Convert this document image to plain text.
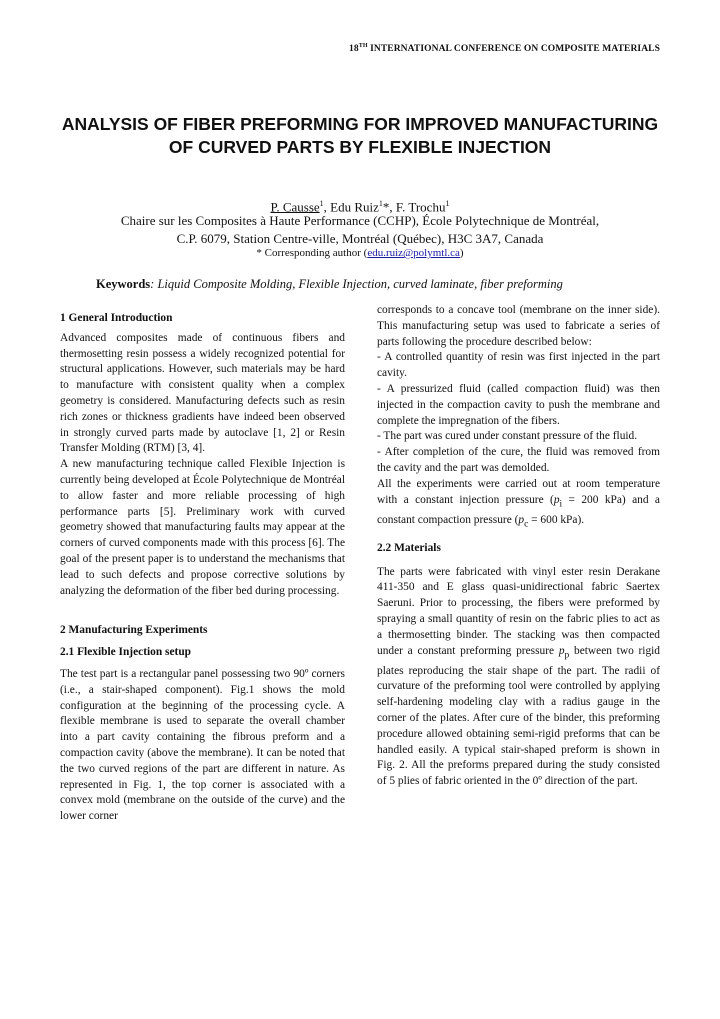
18TH INTERNATIONAL CONFERENCE ON COMPOSITE MATERIALS
ANALYSIS OF FIBER PREFORMING FOR IMPROVED MANUFACTURING OF CURVED PARTS BY FLEXIBLE INJECTION
P. Causse$^1$, Edu Ruiz$^1$*, F. Trochu$^1$
Chaire sur les Composites à Haute Performance (CCHP), École Polytechnique de Montréal,
C.P. 6079, Station Centre-ville, Montréal (Québec), H3C 3A7, Canada
* Corresponding author (edu.ruiz@polymtl.ca)
Keywords: Liquid Composite Molding, Flexible Injection, curved laminate, fiber preforming

1 General Introduction

Advanced composites made of continuous fibers and thermosetting resin possess a widely recognized potential for structural applications. However, such materials may be hard to manufacture with consistent quality when a complex geometry is considered. Manufacturing defects such as resin rich zones or thickness gradients have indeed been observed in strongly curved parts made by autoclave [1, 2] or Resin Transfer Molding (RTM) [3, 4].

A new manufacturing technique called Flexible Injection is currently being developed at École Polytechnique de Montréal to allow faster and more reliable processing of high performance parts [5]. Preliminary work with curved geometry showed that manufacturing faults may appear at the corners of curved components made with this process [6]. The goal of the present paper is to understand the mechanisms that lead to such defects and propose corrective solutions by analyzing the deformation of the fiber bed during processing.

2 Manufacturing Experiments

2.1 Flexible Injection setup

The test part is a rectangular panel possessing two 90º corners (i.e., a stair-shaped component). Fig.1 shows the mold configuration at the beginning of the processing cycle. A flexible membrane is used to separate the overall chamber into a part cavity containing the fibrous preform and a compaction cavity (above the membrane). It can be noted that the two curved regions of the part are different in nature. As represented in Fig. 1, the top corner is associated with a convex mold (membrane on the outside of the curve) and the lower corner

corresponds to a concave tool (membrane on the inner side). This manufacturing setup was used to fabricate a series of parts following the procedure described below:

- A controlled quantity of resin was first injected in the part cavity.

- A pressurized fluid (called compaction fluid) was then injected in the compaction cavity to push the membrane and complete the impregnation of the fibers.

- The part was cured under constant pressure of the fluid.

- After completion of the cure, the fluid was removed from the cavity and the part was demolded.

All the experiments were carried out at room temperature with a constant injection pressure ($p_i = 200$ kPa) and a constant compaction pressure ($p_c = 600$ kPa).

2.2 Materials

The parts were fabricated with vinyl ester resin Derakane 411-350 and E glass quasi-unidirectional fabric Saertex Saeruni. Prior to processing, the fibers were preformed by spraying a small quantity of resin on the fabric plies to act as a thermosetting binder. The stacking was then compacted under a constant preforming pressure $p_p$ between two rigid plates reproducing the stair shape of the part. The radii of curvature of the preforming tool were controlled by applying self-hardening modeling clay with a radius gauge in the corner of the plates. After cure of the binder, this preforming procedure allowed obtaining semi-rigid preforms that can be handled easily. A typical stair-shaped preform is shown in Fig. 2. All the preforms prepared during the study consisted of 5 plies of fabric oriented in the 0º direction of the part.
